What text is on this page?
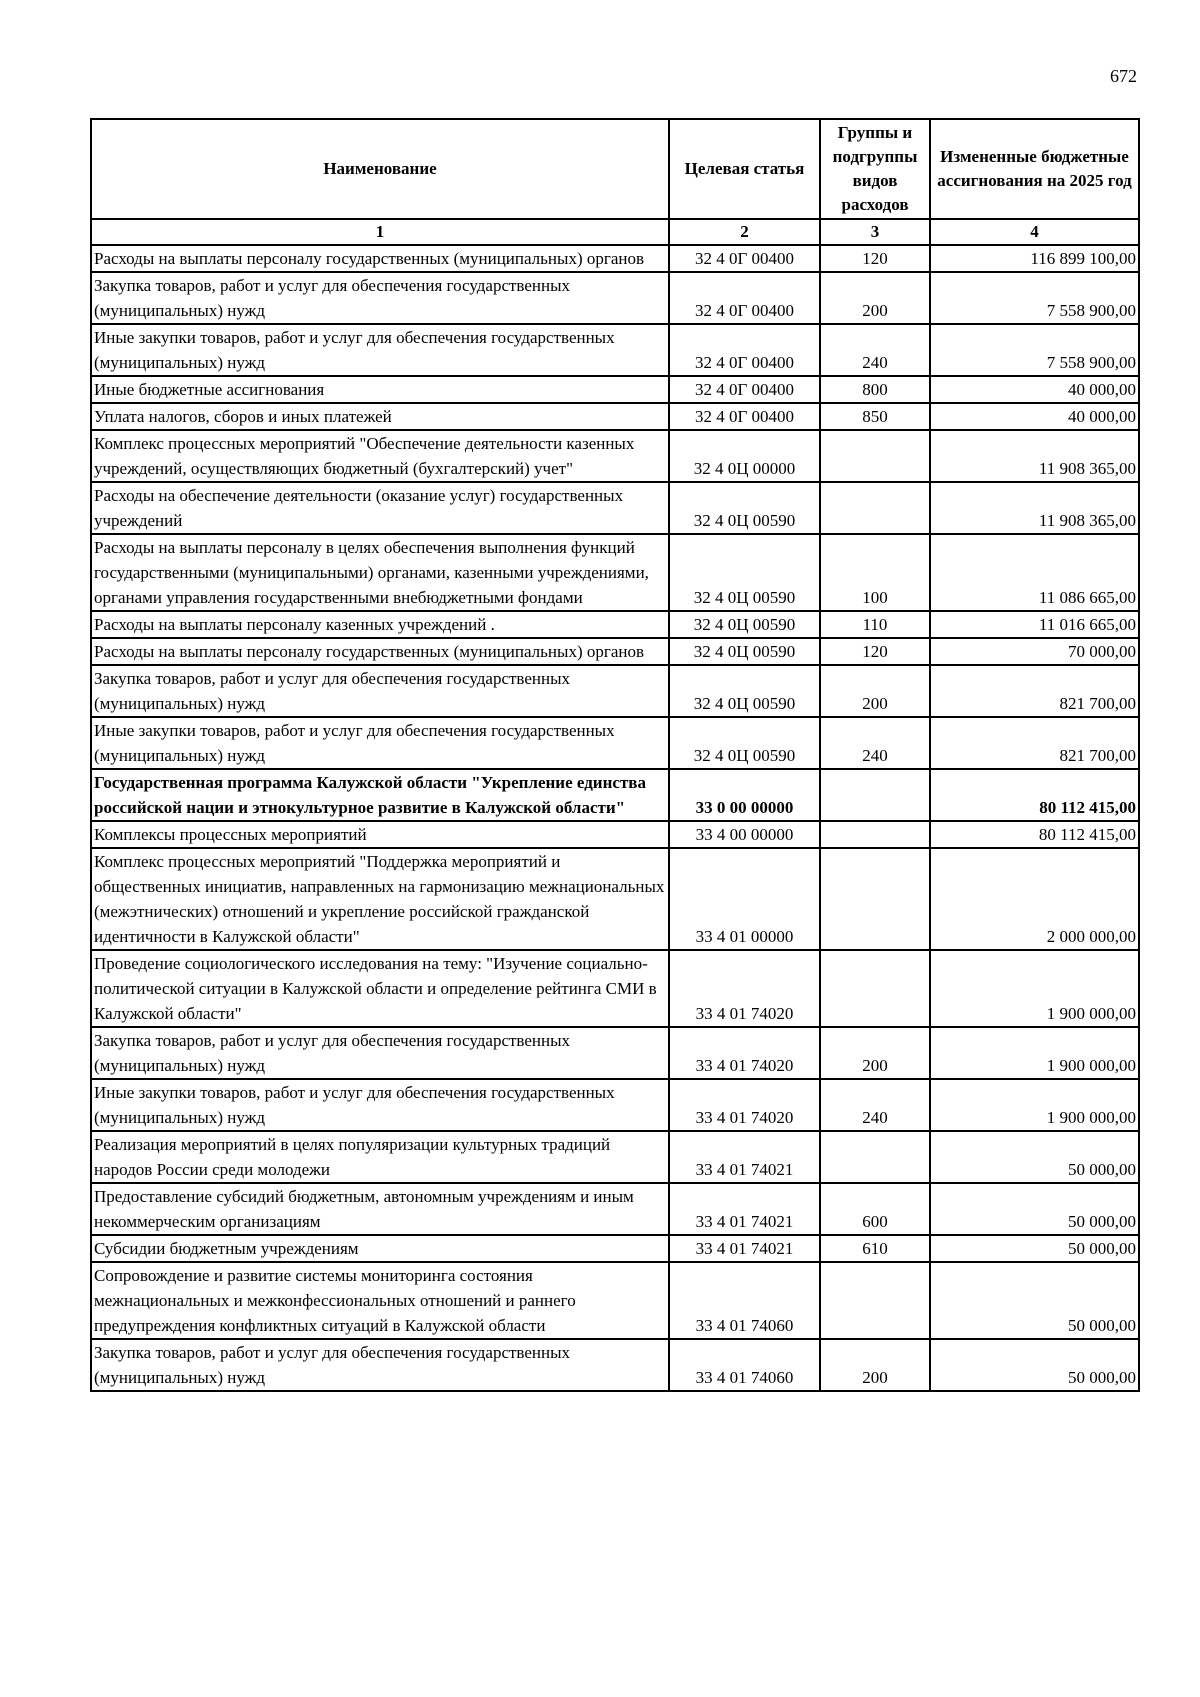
672
Наименование	Целевая статья	Группы и подгруппы видов расходов	Измененные бюджетные ассигнования на 2025 год
1	2	3	4
Расходы на выплаты персоналу государственных (муниципальных) органов	32 4 0Г 00400	120	116 899 100,00
Закупка товаров, работ и услуг для обеспечения государственных (муниципальных) нужд	32 4 0Г 00400	200	7 558 900,00
Иные закупки товаров, работ и услуг для обеспечения государственных (муниципальных) нужд	32 4 0Г 00400	240	7 558 900,00
Иные бюджетные ассигнования	32 4 0Г 00400	800	40 000,00
Уплата налогов, сборов и иных платежей	32 4 0Г 00400	850	40 000,00
Комплекс процессных мероприятий "Обеспечение деятельности казенных учреждений, осуществляющих бюджетный (бухгалтерский) учет"	32 4 0Ц 00000		11 908 365,00
Расходы на обеспечение деятельности (оказание услуг) государственных учреждений	32 4 0Ц 00590		11 908 365,00
Расходы на выплаты персоналу в целях обеспечения выполнения функций государственными (муниципальными) органами, казенными учреждениями, органами управления государственными внебюджетными фондами	32 4 0Ц 00590	100	11 086 665,00
Расходы на выплаты персоналу казенных учреждений .	32 4 0Ц 00590	110	11 016 665,00
Расходы на выплаты персоналу государственных (муниципальных) органов	32 4 0Ц 00590	120	70 000,00
Закупка товаров, работ и услуг для обеспечения государственных (муниципальных) нужд	32 4 0Ц 00590	200	821 700,00
Иные закупки товаров, работ и услуг для обеспечения государственных (муниципальных) нужд	32 4 0Ц 00590	240	821 700,00
Государственная программа Калужской области "Укрепление единства российской нации и этнокультурное развитие в Калужской области"	33 0 00 00000		80 112 415,00
Комплексы процессных мероприятий	33 4 00 00000		80 112 415,00
Комплекс процессных мероприятий "Поддержка мероприятий и общественных инициатив, направленных на гармонизацию межнациональных (межэтнических) отношений и укрепление российской гражданской идентичности в Калужской области"	33 4 01 00000		2 000 000,00
Проведение социологического исследования на тему: "Изучение социально-политической ситуации в Калужской области и определение рейтинга СМИ в Калужской области"	33 4 01 74020		1 900 000,00
Закупка товаров, работ и услуг для обеспечения государственных (муниципальных) нужд	33 4 01 74020	200	1 900 000,00
Иные закупки товаров, работ и услуг для обеспечения государственных (муниципальных) нужд	33 4 01 74020	240	1 900 000,00
Реализация мероприятий в целях популяризации культурных традиций народов России среди молодежи	33 4 01 74021		50 000,00
Предоставление субсидий бюджетным, автономным учреждениям и иным некоммерческим организациям	33 4 01 74021	600	50 000,00
Субсидии бюджетным учреждениям	33 4 01 74021	610	50 000,00
Сопровождение и развитие системы мониторинга состояния межнациональных и межконфессиональных отношений и раннего предупреждения конфликтных ситуаций в Калужской области	33 4 01 74060		50 000,00
Закупка товаров, работ и услуг для обеспечения государственных (муниципальных) нужд	33 4 01 74060	200	50 000,00
